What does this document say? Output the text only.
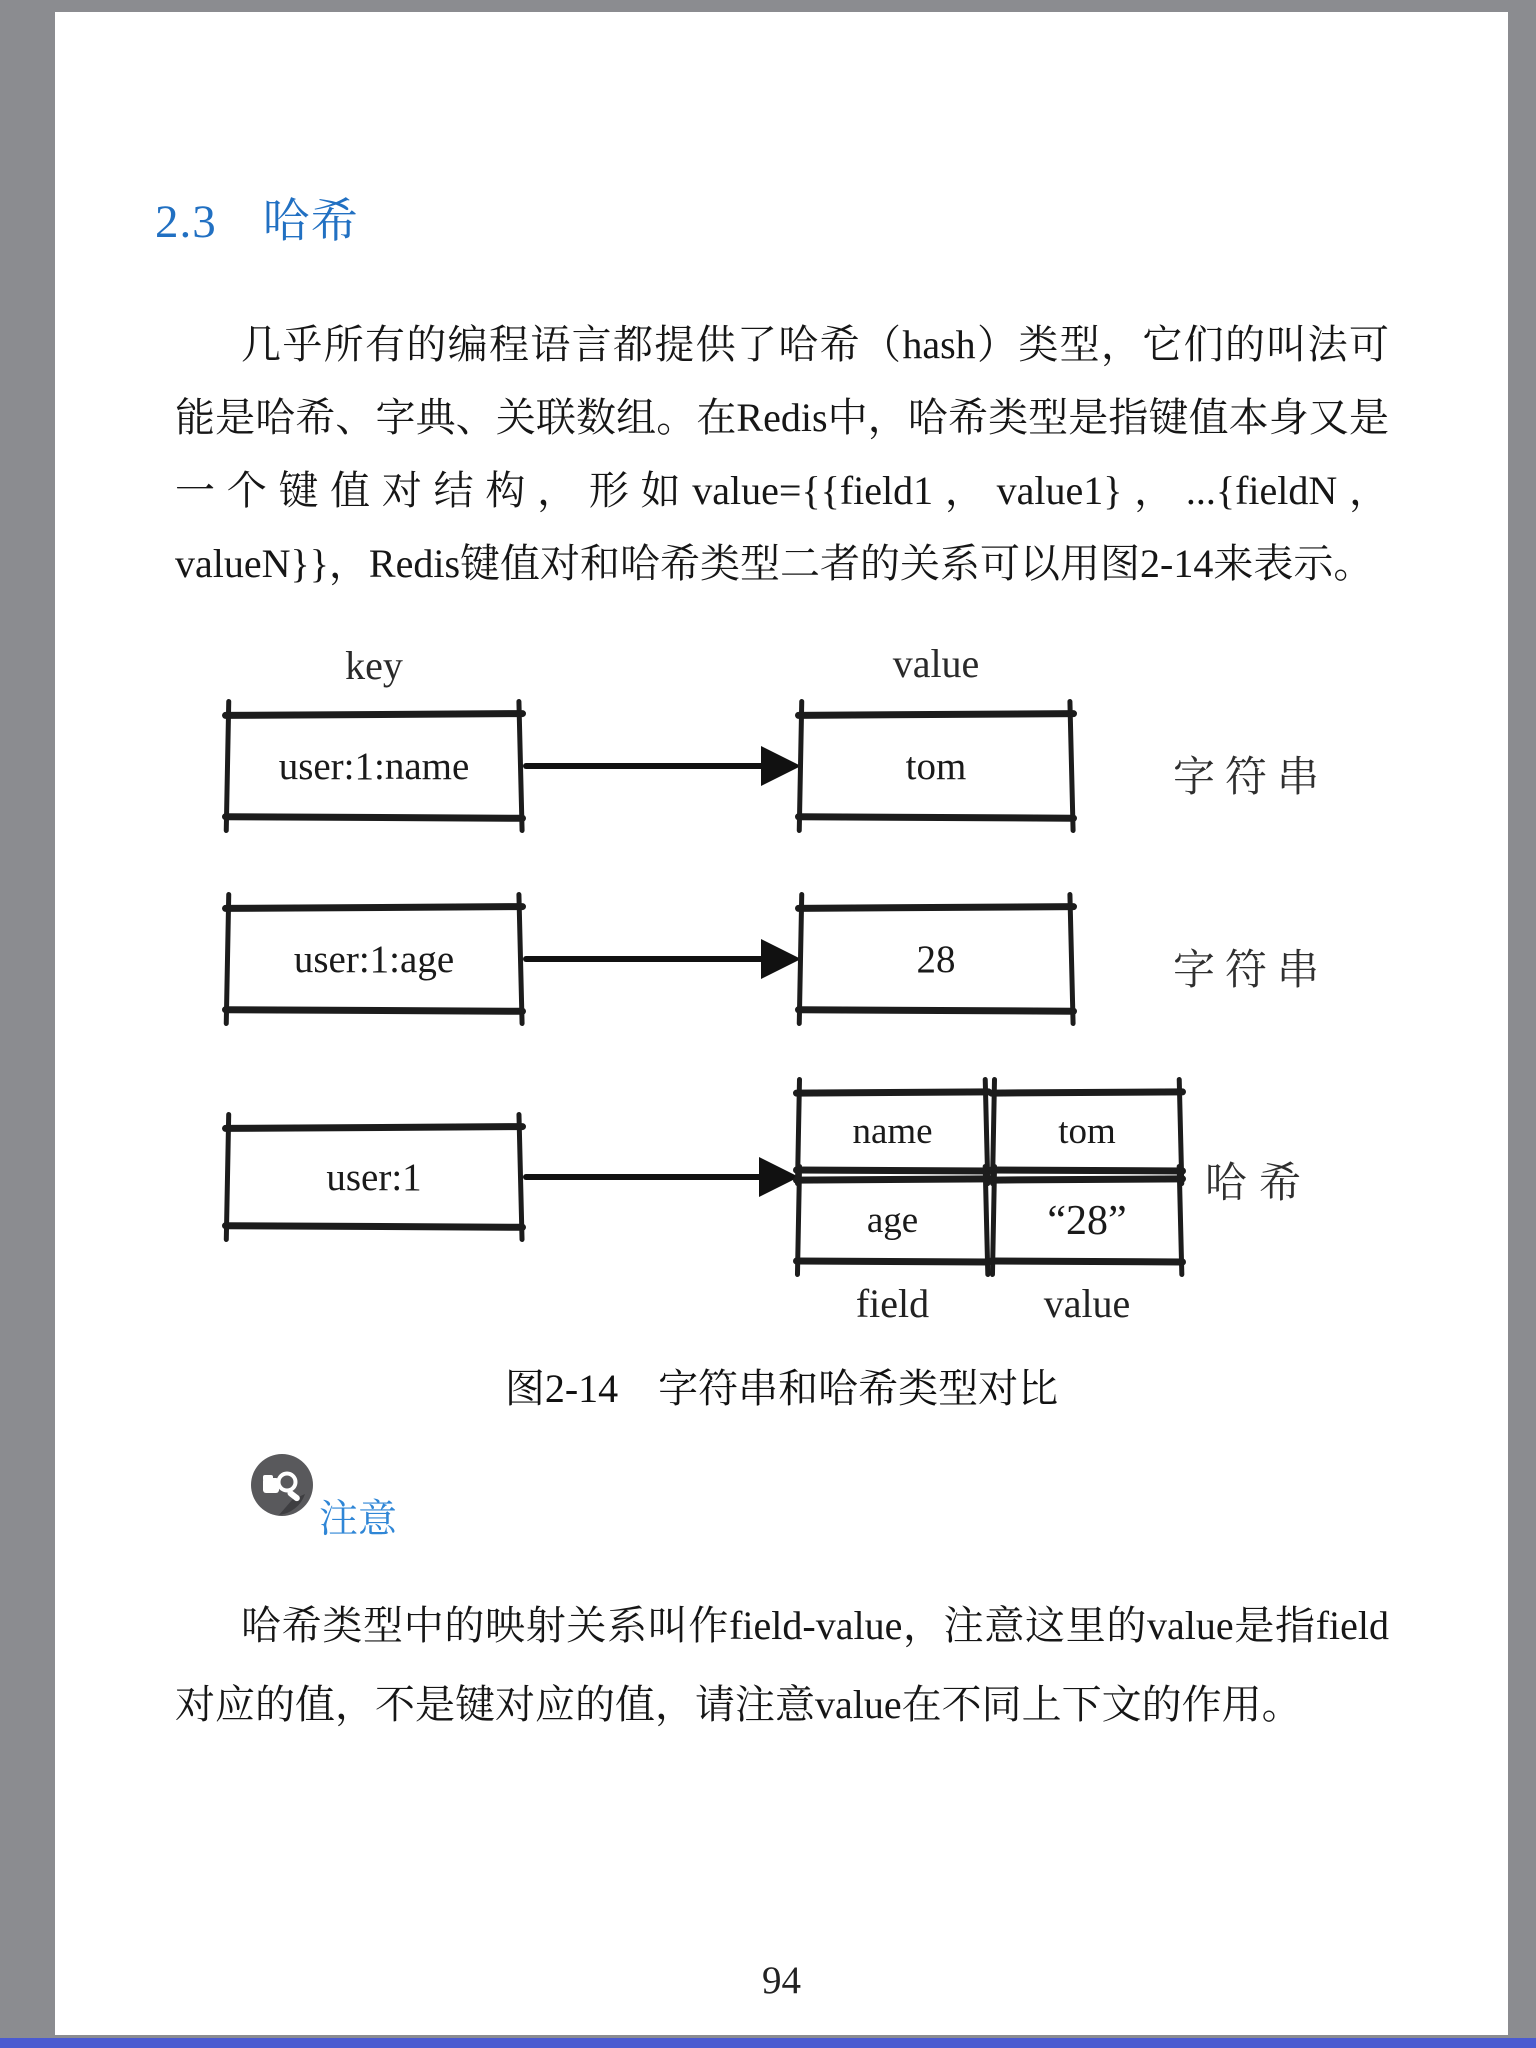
2.3 哈希
几乎所有的编程语言都提供了哈希（hash）类型，它们的叫法可能是哈希、字典、关联数组。在Redis中，哈希类型是指键值本身又是一个键值对结构，形如value={{field1，value1}，...{fieldN，valueN}}，Redis键值对和哈希类型二者的关系可以用图2-14来表示。
key	value
user:1:name	tom	字符串
user:1:age	28	字符串
user:1
name	tom
age	“28”
哈希
field	value
图2-14　字符串和哈希类型对比
注意
哈希类型中的映射关系叫作field-value，注意这里的value是指field对应的值，不是键对应的值，请注意value在不同上下文的作用。
94
